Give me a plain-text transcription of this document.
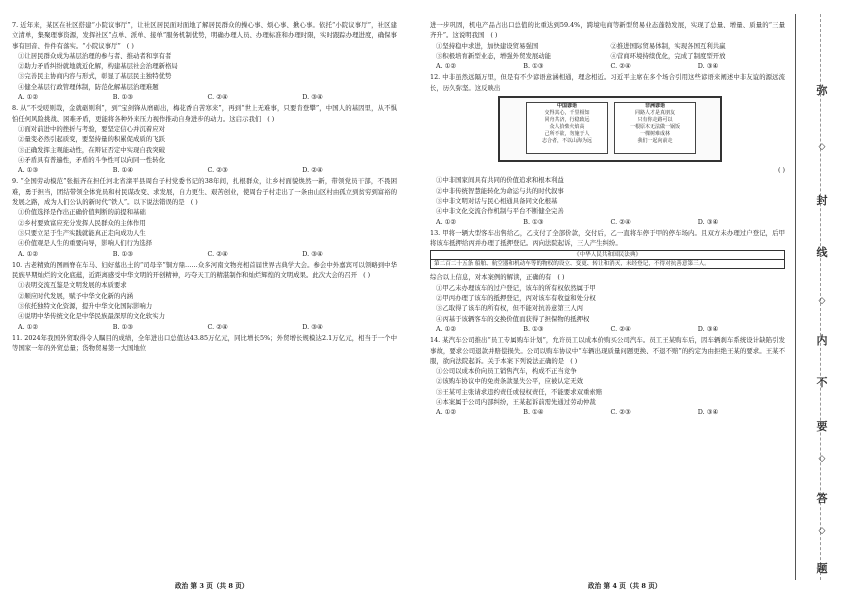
7. 近年来，某区在社区搭建“小院议事厅”，让社区居民面对面地了解居民群众的操心事、烦心事、揪心事。依托“小院议事厅”，社区建立清单，集聚理事资源，发挥社区“点单、派单、接单”服务机制优势，明确办理人员、办理标准和办理时限，实时跟踪办理进度，确保事事有回音、件件有落实。“小院议事厅” ( )
①让居民群众成为基层治理的参与者、推动者和享有者
②助力矛盾纠纷就地就近化解，构建基层社会治理新格局
③完善民主协商内容与形式，彰显了基层民主独特优势
④健全基层行政管理体制，防范化解基层治理难题
A. ①②	B. ①③	C. ②④	D. ③④
8. 从“不受嗟则哉，金就砺则利”，到“宝剑锋从磨砺出，梅花香自苦寒来”，再到“世上无难事，只要肯登攀”，中国人的基因里，从不惧怕任何风险挑战、困难矛盾，更能将各种外来压力视作推动自身进步的动力。这启示我们 ( )
①面对前进中的挫折与考验，要坚定信心并沉着应对
②量变必然引起质变，要坚持量的积累促成质的飞跃
③正确发挥主观能动性，在辩证否定中实现自我突破
④矛盾具有普遍性，矛盾的斗争性可以向同一性转化
A. ①③	B. ①④	C. ②③	D. ②④
9. “全国劳动模范”张振齐在担任河北省滦平县周台子村党委书记的38年间，扎根群众，让乡村面貌焕然一新，带领党员干部，不畏困难，勇于担当，团结带领全体党员和村民谋改变、求发展，自力更生、艰苦创业，使周台子村走出了一条由山区村由孤立到贫穷到富裕的发展之路，成为人们公认的新时代“铁人”。以下说法错误的是 ( )
①价值选择是作出正确价值判断的前提和基础
②乡村要致富应充分发挥人民群众的主体作用
③只要立足于生产实践就能真正走向成功人生
④价值观是人生的重要向导，影响人们行为选择
A. ①②	B. ①③	C. ②④	D. ③④
10. 古老精致的图画脊在车马、妇好墓出土的“司母辛”铜方鼎……众多河南文物亮相首届世界古典学大会。参会中外嘉宾可以领略到中华民族早期灿烂的文化底蕴，近距离感受中华文明的开创精神，巧夺天工的精湛制作和灿烂辉煌的文明成果。此次大会的召开 ( )
①表明交流互鉴是文明发展的本质要求
②顺应时代发展，赋予中华文化新的内涵
③依托独特文化资源，提升中华文化国际影响力
④说明中华传统文化是中华民族最深厚的文化软实力
A. ①②	B. ①③	C. ②④	D. ③④
11. 2024年我国外贸取得令人瞩目的成绩，全年进出口总值达43.85万亿元，同比增长5%；外贸增长规模达2.1万亿元，相当于一个中等国家一年的外贸总量；货物贸易第一大国地位
政治 第 3 页（共 8 页）
进一步巩固，机电产品占出口总值的比重达到59.4%，跨境电商等新型贸易业态蓬勃发展，实现了总量、增量、质量的“三量齐升”。这说明我国 ( )
①坚持稳中求进，加快建设贸易强国	②推进国际贸易体制，实现各国互利共赢
③积极培育新型业态，增强外贸发展动能	④营商环境持续优化，完成了制度型开放
A. ①②	B. ①③	C. ②④	D. ③④
12. 中非虽然远隔万里，但是有不少谚语意涵相通，理念相近。习近平主席在多个场合引用这些谚语来阐述中非友谊的源远流长，历久弥坚。这反映出
中国谚语
交得其心，千里相知
同舟共济，行稳致远
众人拾柴火焰高
己所不欲，勿施于人
志合者，不以山海为远
非洲谚语
同路人才是真朋友
只有你走路可以
一根原木无法做一锅饭
一棵树难成林
我们一起向前走
( )
①中非国家间具有共同的价值追求和根本利益
②中非传统智慧能转化为命运与共的时代叙事
③中非文明对话与民心相通具备同文化根基
④中非文化交流合作机制与平台不断健全完善
A. ①②	B. ①③	C. ②④	D. ③④
13. 甲将一辆大型客车出售给乙，乙支付了全部价款，交付后，乙一直将车停于甲的停车场内。且双方未办理过户登记，后甲将该车抵押给丙并办理了抵押登记。丙向法院起诉，三人产生纠纷。
《中华人民共和国民法典》
第二百二十五条 船舶、航空器和机动车等的物权的设立、变更、转让和消灭，未经登记，不得对抗善意第三人。
综合以上信息，对本案例的解读，正确的有 ( )
①甲乙未办理该车的过户登记，该车的所有权依然属于甲
②甲丙办理了该车的抵押登记，丙对该车有收益和处分权
③乙取得了该车的所有权，但不能对抗善意第三人丙
④丙基于该辆客车的交换价值而获得了担保物的抵押权
A. ①②	B. ①③	C. ②④	D. ③④
14. 某汽车公司推出“员工专属购车计划”，允许员工以成本价购买公司汽车。员工王某购车后，因车辆刹车系统设计缺陷引发事故，要求公司退款并赔偿损失。公司以购车协议中“车辆出现质量问题更换、不退不赔”的约定为由拒绝王某的要求。王某不服，欲向法院起诉。关于本案下列说法正确的是 ( )
①公司以成本价向员工销售汽车，构成不正当竞争
②该购车协议中的免责条款显失公平，应被认定无效
③王某可主张请求违约责任或侵权责任，不能要求双重索赔
④本案属于公司内部纠纷，王某起诉前需先通过劳动仲裁
A. ①②	B. ①④	C. ②③	D. ③④
政治 第 4 页（共 8 页）
弥
◇
封
线
◇
内
不
要
◇
答
◇
题
